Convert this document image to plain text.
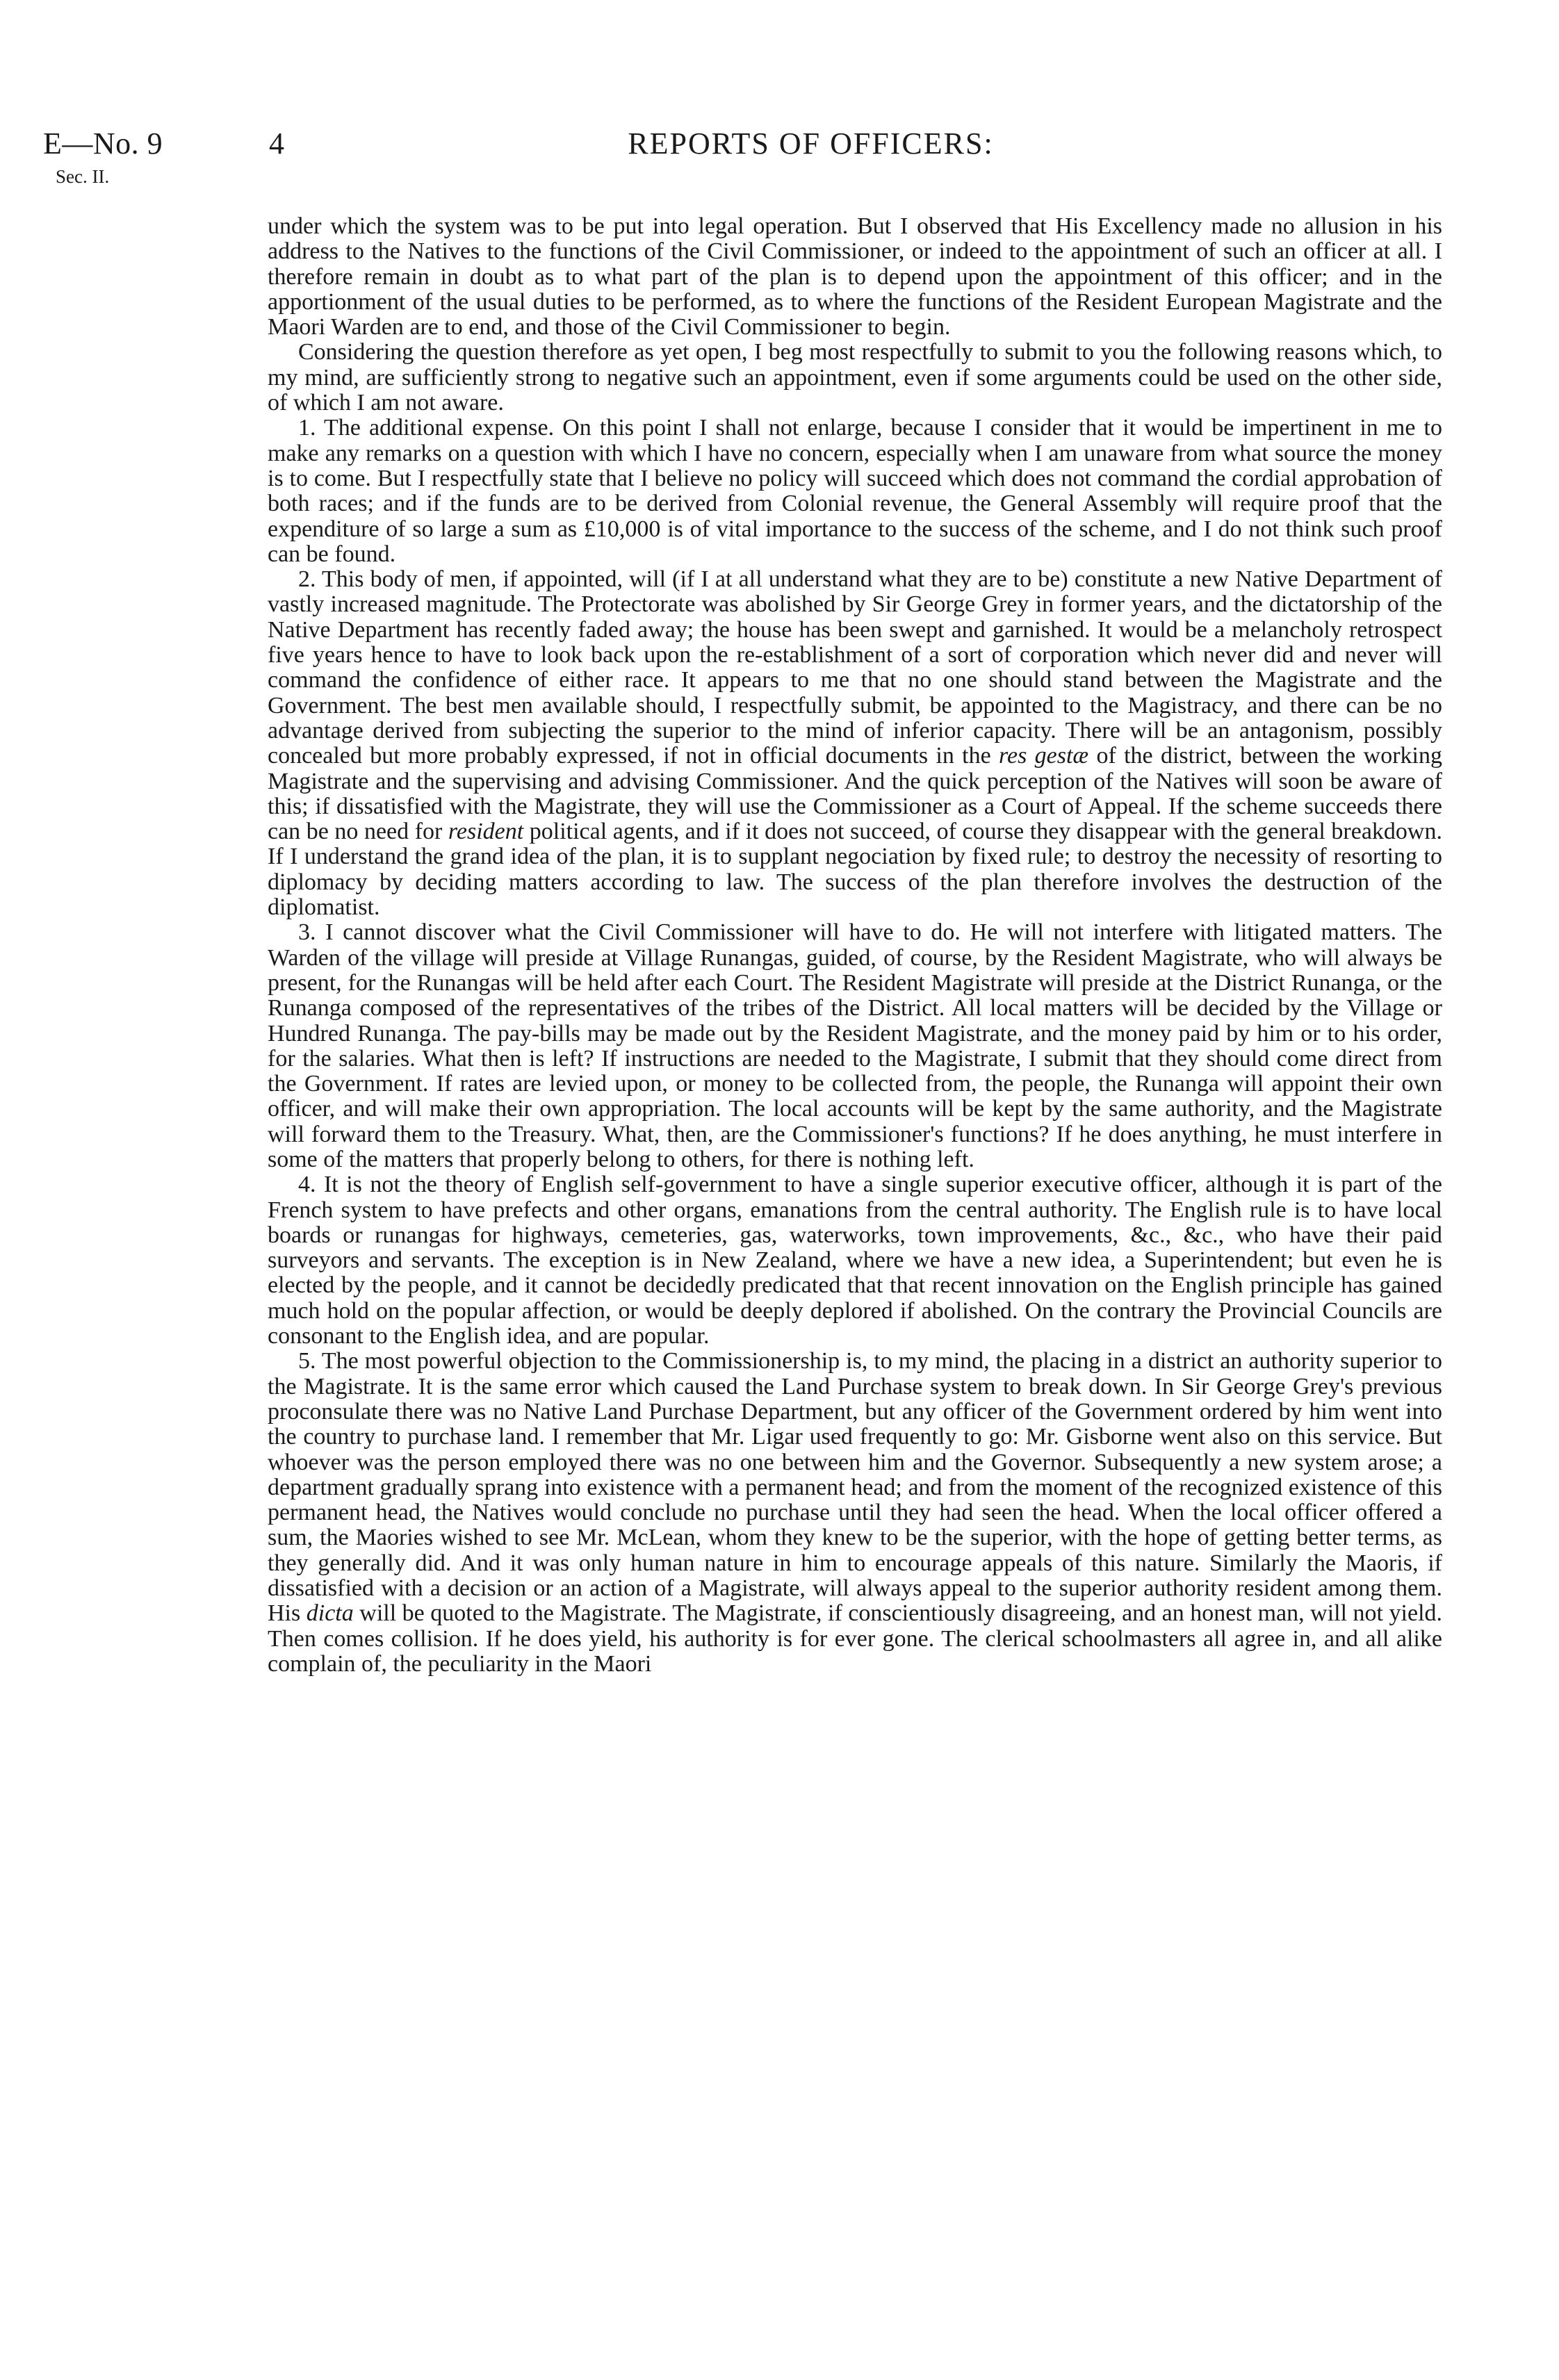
E—No. 9
Sec. II.
4	REPORTS OF OFFICERS:

under which the system was to be put into legal operation. But I observed that His Excellency made no allusion in his address to the Natives to the functions of the Civil Commissioner, or indeed to the appointment of such an officer at all. I therefore remain in doubt as to what part of the plan is to depend upon the appointment of this officer; and in the apportionment of the usual duties to be performed, as to where the functions of the Resident European Magistrate and the Maori Warden are to end, and those of the Civil Commissioner to begin.

Considering the question therefore as yet open, I beg most respectfully to submit to you the following reasons which, to my mind, are sufficiently strong to negative such an appointment, even if some arguments could be used on the other side, of which I am not aware.

1. The additional expense. On this point I shall not enlarge, because I consider that it would be impertinent in me to make any remarks on a question with which I have no concern, especially when I am unaware from what source the money is to come. But I respectfully state that I believe no policy will succeed which does not command the cordial approbation of both races; and if the funds are to be derived from Colonial revenue, the General Assembly will require proof that the expenditure of so large a sum as £10,000 is of vital importance to the success of the scheme, and I do not think such proof can be found.

2. This body of men, if appointed, will (if I at all understand what they are to be) constitute a new Native Department of vastly increased magnitude. The Protectorate was abolished by Sir George Grey in former years, and the dictatorship of the Native Department has recently faded away; the house has been swept and garnished. It would be a melancholy retrospect five years hence to have to look back upon the re-establishment of a sort of corporation which never did and never will command the confidence of either race. It appears to me that no one should stand between the Magistrate and the Government. The best men available should, I respectfully submit, be appointed to the Magistracy, and there can be no advantage derived from subjecting the superior to the mind of inferior capacity. There will be an antagonism, possibly concealed but more probably expressed, if not in official documents in the res gestæ of the district, between the working Magistrate and the supervising and advising Commissioner. And the quick perception of the Natives will soon be aware of this; if dissatisfied with the Magistrate, they will use the Commissioner as a Court of Appeal. If the scheme succeeds there can be no need for resident political agents, and if it does not succeed, of course they disappear with the general breakdown. If I understand the grand idea of the plan, it is to supplant negociation by fixed rule; to destroy the necessity of resorting to diplomacy by deciding matters according to law. The success of the plan therefore involves the destruction of the diplomatist.

3. I cannot discover what the Civil Commissioner will have to do. He will not interfere with litigated matters. The Warden of the village will preside at Village Runangas, guided, of course, by the Resident Magistrate, who will always be present, for the Runangas will be held after each Court. The Resident Magistrate will preside at the District Runanga, or the Runanga composed of the representatives of the tribes of the District. All local matters will be decided by the Village or Hundred Runanga. The pay-bills may be made out by the Resident Magistrate, and the money paid by him or to his order, for the salaries. What then is left? If instructions are needed to the Magistrate, I submit that they should come direct from the Government. If rates are levied upon, or money to be collected from, the people, the Runanga will appoint their own officer, and will make their own appropriation. The local accounts will be kept by the same authority, and the Magistrate will forward them to the Treasury. What, then, are the Commissioner's functions? If he does anything, he must interfere in some of the matters that properly belong to others, for there is nothing left.

4. It is not the theory of English self-government to have a single superior executive officer, although it is part of the French system to have prefects and other organs, emanations from the central authority. The English rule is to have local boards or runangas for highways, cemeteries, gas, waterworks, town improvements, &c., &c., who have their paid surveyors and servants. The exception is in New Zealand, where we have a new idea, a Superintendent; but even he is elected by the people, and it cannot be decidedly predicated that that recent innovation on the English principle has gained much hold on the popular affection, or would be deeply deplored if abolished. On the contrary the Provincial Councils are consonant to the English idea, and are popular.

5. The most powerful objection to the Commissionership is, to my mind, the placing in a district an authority superior to the Magistrate. It is the same error which caused the Land Purchase system to break down. In Sir George Grey's previous proconsulate there was no Native Land Purchase Department, but any officer of the Government ordered by him went into the country to purchase land. I remember that Mr. Ligar used frequently to go: Mr. Gisborne went also on this service. But whoever was the person employed there was no one between him and the Governor. Subsequently a new system arose; a department gradually sprang into existence with a permanent head; and from the moment of the recognized existence of this permanent head, the Natives would conclude no purchase until they had seen the head. When the local officer offered a sum, the Maories wished to see Mr. McLean, whom they knew to be the superior, with the hope of getting better terms, as they generally did. And it was only human nature in him to encourage appeals of this nature. Similarly the Maoris, if dissatisfied with a decision or an action of a Magistrate, will always appeal to the superior authority resident among them. His dicta will be quoted to the Magistrate. The Magistrate, if conscientiously disagreeing, and an honest man, will not yield. Then comes collision. If he does yield, his authority is for ever gone. The clerical schoolmasters all agree in, and all alike complain of, the peculiarity in the Maori
